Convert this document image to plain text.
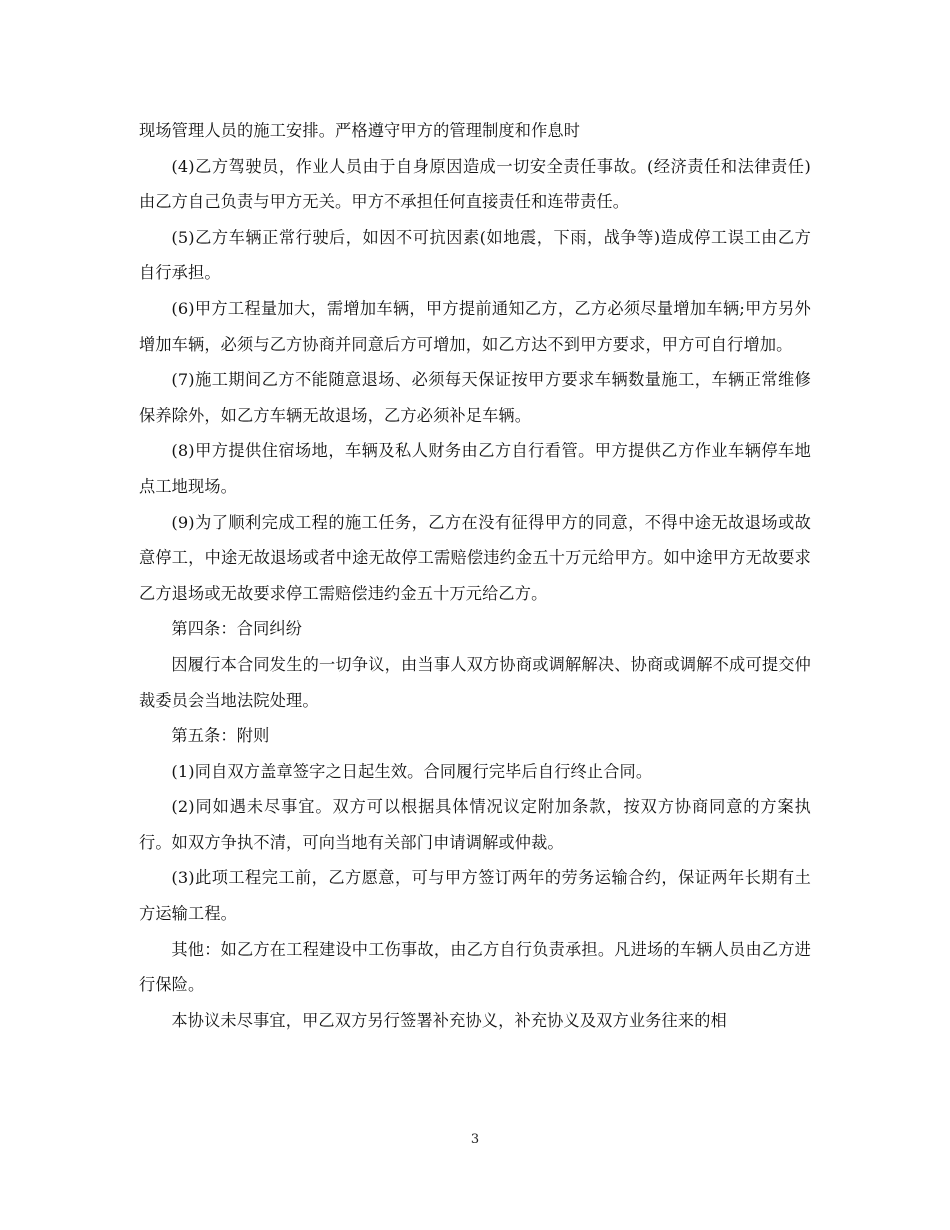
现场管理人员的施工安排。严格遵守甲方的管理制度和作息时

(4)乙方驾驶员，作业人员由于自身原因造成一切安全责任事故。(经济责任和法律责任)由乙方自己负责与甲方无关。甲方不承担任何直接责任和连带责任。

(5)乙方车辆正常行驶后，如因不可抗因素(如地震，下雨，战争等)造成停工误工由乙方自行承担。

(6)甲方工程量加大，需增加车辆，甲方提前通知乙方，乙方必须尽量增加车辆;甲方另外增加车辆，必须与乙方协商并同意后方可增加，如乙方达不到甲方要求，甲方可自行增加。

(7)施工期间乙方不能随意退场、必须每天保证按甲方要求车辆数量施工，车辆正常维修保养除外，如乙方车辆无故退场，乙方必须补足车辆。

(8)甲方提供住宿场地，车辆及私人财务由乙方自行看管。甲方提供乙方作业车辆停车地点工地现场。

(9)为了顺利完成工程的施工任务，乙方在没有征得甲方的同意，不得中途无故退场或故意停工，中途无故退场或者中途无故停工需赔偿违约金五十万元给甲方。如中途甲方无故要求乙方退场或无故要求停工需赔偿违约金五十万元给乙方。

第四条：合同纠纷

因履行本合同发生的一切争议，由当事人双方协商或调解解决、协商或调解不成可提交仲裁委员会当地法院处理。

第五条：附则

(1)同自双方盖章签字之日起生效。合同履行完毕后自行终止合同。

(2)同如遇未尽事宜。双方可以根据具体情况议定附加条款，按双方协商同意的方案执行。如双方争执不清，可向当地有关部门申请调解或仲裁。

(3)此项工程完工前，乙方愿意，可与甲方签订两年的劳务运输合约，保证两年长期有土方运输工程。

其他：如乙方在工程建设中工伤事故，由乙方自行负责承担。凡进场的车辆人员由乙方进行保险。

本协议未尽事宜，甲乙双方另行签署补充协义，补充协义及双方业务往来的相

3
